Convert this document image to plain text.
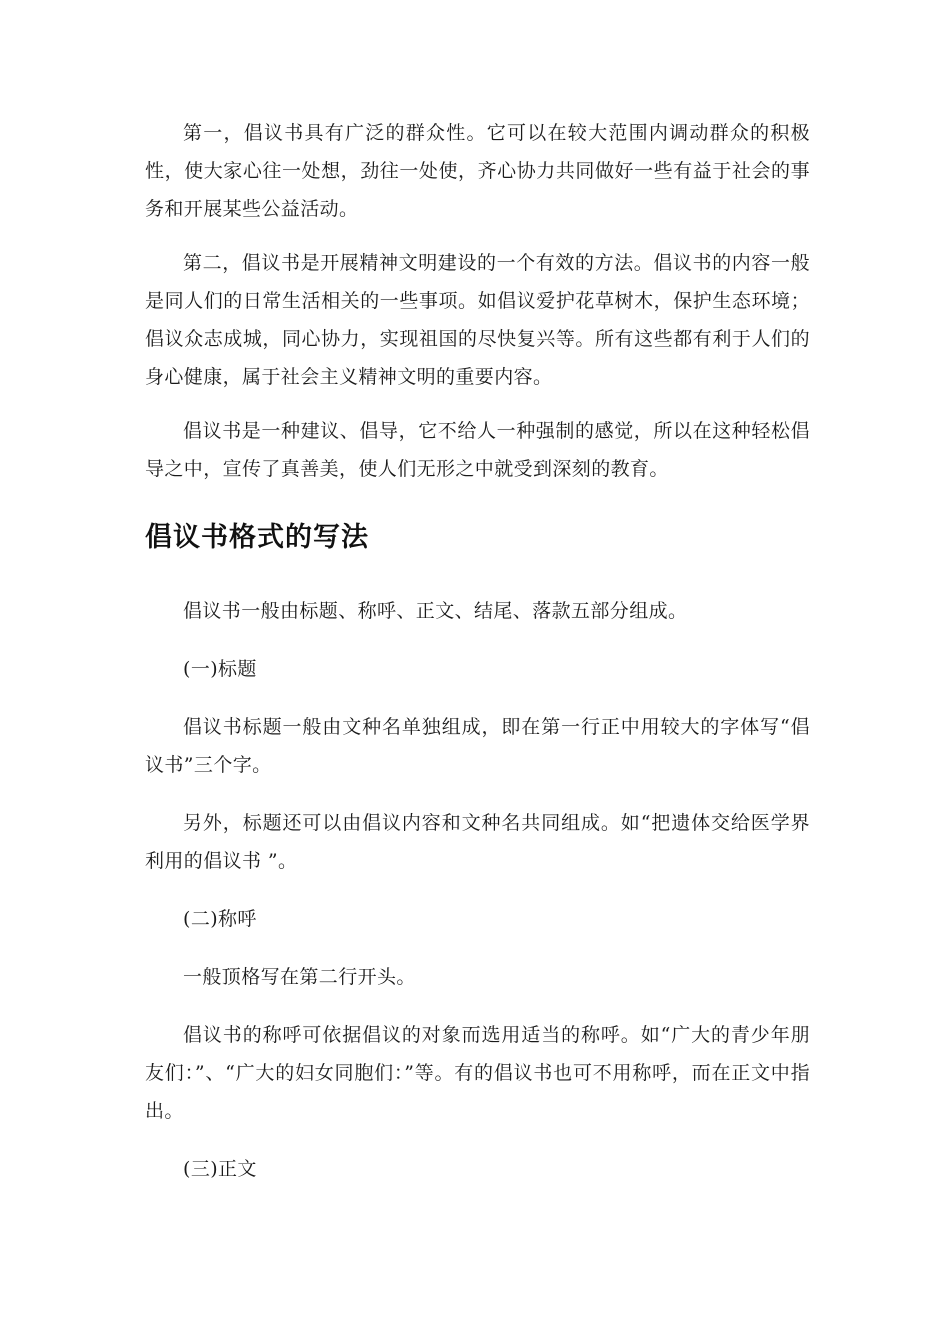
第一，倡议书具有广泛的群众性。它可以在较大范围内调动群众的积极性，使大家心往一处想，劲往一处使，齐心协力共同做好一些有益于社会的事务和开展某些公益活动。

第二，倡议书是开展精神文明建设的一个有效的方法。倡议书的内容一般是同人们的日常生活相关的一些事项。如倡议爱护花草树木，保护生态环境；倡议众志成城，同心协力，实现祖国的尽快复兴等。所有这些都有利于人们的身心健康，属于社会主义精神文明的重要内容。

倡议书是一种建议、倡导，它不给人一种强制的感觉，所以在这种轻松倡导之中，宣传了真善美，使人们无形之中就受到深刻的教育。

倡议书格式的写法

倡议书一般由标题、称呼、正文、结尾、落款五部分组成。

(一)标题

倡议书标题一般由文种名单独组成，即在第一行正中用较大的字体写“倡议书”三个字。

另外，标题还可以由倡议内容和文种名共同组成。如“把遗体交给医学界利用的倡议书 ”。

(二)称呼

一般顶格写在第二行开头。

倡议书的称呼可依据倡议的对象而选用适当的称呼。如“广大的青少年朋友们：”、“广大的妇女同胞们：”等。有的倡议书也可不用称呼，而在正文中指出。

(三)正文
